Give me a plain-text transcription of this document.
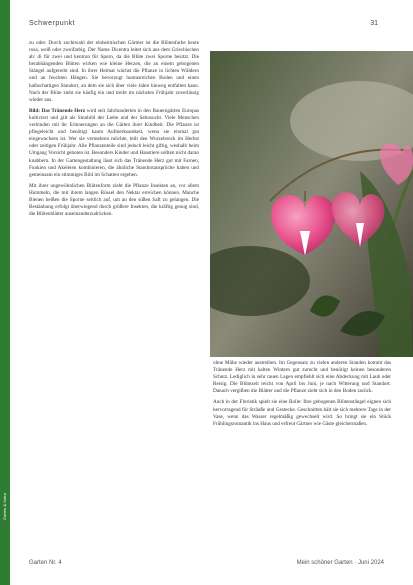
Garten & Natur
Schwerpunkt	31

zu oder. Durch zuchtwahl der einheimischen Gärtner ist die Blütenfarbe heute rosa, weiß oder zweifarbig. Der Name Dicentra leitet sich aus dem Griechischen ab: di für zwei und kentron für Sporn, da die Blüte zwei Sporne besitzt. Die herabhängenden Blüten wirken wie kleine Herzen, die an einem gebogenen Stängel aufgereiht sind. In ihrer Heimat wächst die Pflanze in lichten Wäldern und an feuchten Hängen. Sie bevorzugt humusreichen Boden und einen halbschattigen Standort, an dem sie sich über viele Jahre hinweg entfalten kann. Nach der Blüte zieht sie häufig ein und treibt im nächsten Frühjahr zuverlässig wieder aus.

Bild: Das Tränende Herz wird seit Jahrhunderten in den Bauerngärten Europas kultiviert und gilt als Sinnbild der Liebe und der Sehnsucht. Viele Menschen verbinden mit ihr Erinnerungen an die Gärten ihrer Kindheit. Die Pflanze ist pflegeleicht und benötigt kaum Aufmerksamkeit, wenn sie einmal gut eingewachsen ist. Wer sie vermehren möchte, teilt den Wurzelstock im Herbst oder zeitigen Frühjahr. Alle Pflanzenteile sind jedoch leicht giftig, weshalb beim Umgang Vorsicht geboten ist. Besonders Kinder und Haustiere sollten nicht daran knabbern. In der Gartengestaltung lässt sich das Tränende Herz gut mit Farnen, Funkien und Akeleien kombinieren, die ähnliche Standortansprüche haben und gemeinsam ein stimmiges Bild im Schatten ergeben.

Mit ihrer ungewöhnlichen Blütenform zieht die Pflanze Insekten an, vor allem Hummeln, die mit ihrem langen Rüssel den Nektar erreichen können. Manche Bienen beißen die Sporne seitlich auf, um an den süßen Saft zu gelangen. Die Bestäubung erfolgt überwiegend durch größere Insekten, die kräftig genug sind, die Blütenblätter auseinanderzudrücken.

ohne Mühe wieder austreiben. Im Gegensatz zu vielen anderen Stauden kommt das Tränende Herz mit kalten Wintern gut zurecht und benötigt keinen besonderen Schutz. Lediglich in sehr rauen Lagen empfiehlt sich eine Abdeckung mit Laub oder Reisig. Die Blütezeit reicht von April bis Juni, je nach Witterung und Standort. Danach vergilben die Blätter und die Pflanze zieht sich in den Boden zurück.

Auch in der Floristik spielt sie eine Rolle: Ihre gebogenen Blütenstängel eignen sich hervorragend für Sträuße und Gestecke. Geschnitten hält sie sich mehrere Tage in der Vase, wenn das Wasser regelmäßig gewechselt wird. So bringt sie ein Stück Frühlingsromantik ins Haus und erfreut Gärtner wie Gäste gleichermaßen.

Garten Nr. 4	Mein schöner Garten · Juni 2024
